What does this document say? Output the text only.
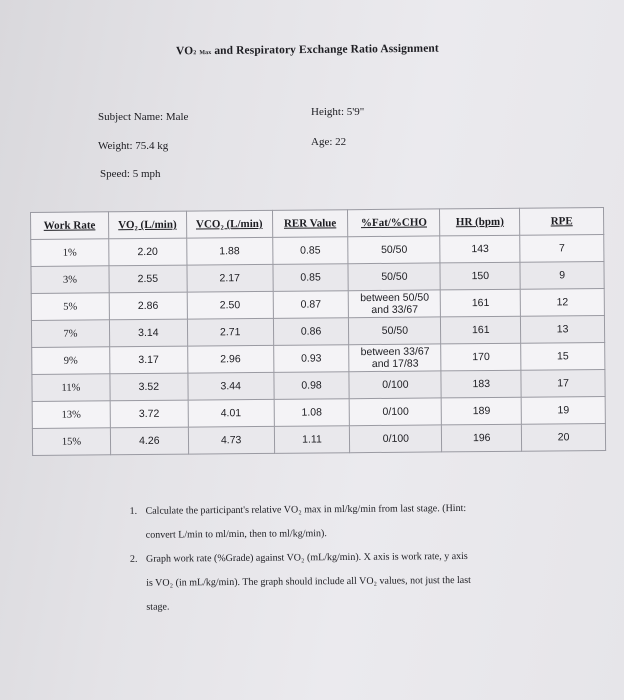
VO2 Max and Respiratory Exchange Ratio Assignment
Subject Name: Male
Weight: 75.4 kg
Speed: 5 mph
Height: 5'9"
Age: 22
Work Rate	VO₂ (L/min)	VCO₂ (L/min)	RER Value	%Fat/%CHO	HR (bpm)	RPE
1%	2.20	1.88	0.85	50/50	143	7
3%	2.55	2.17	0.85	50/50	150	9
5%	2.86	2.50	0.87	between 50/50 and 33/67	161	12
7%	3.14	2.71	0.86	50/50	161	13
9%	3.17	2.96	0.93	between 33/67 and 17/83	170	15
11%	3.52	3.44	0.98	0/100	183	17
13%	3.72	4.01	1.08	0/100	189	19
15%	4.26	4.73	1.11	0/100	196	20
1. Calculate the participant's relative VO₂ max in ml/kg/min from last stage. (Hint:

convert L/min to ml/min, then to ml/kg/min).

2. Graph work rate (%Grade) against VO₂ (mL/kg/min). X axis is work rate, y axis

is VO₂ (in mL/kg/min). The graph should include all VO₂ values, not just the last

stage.
